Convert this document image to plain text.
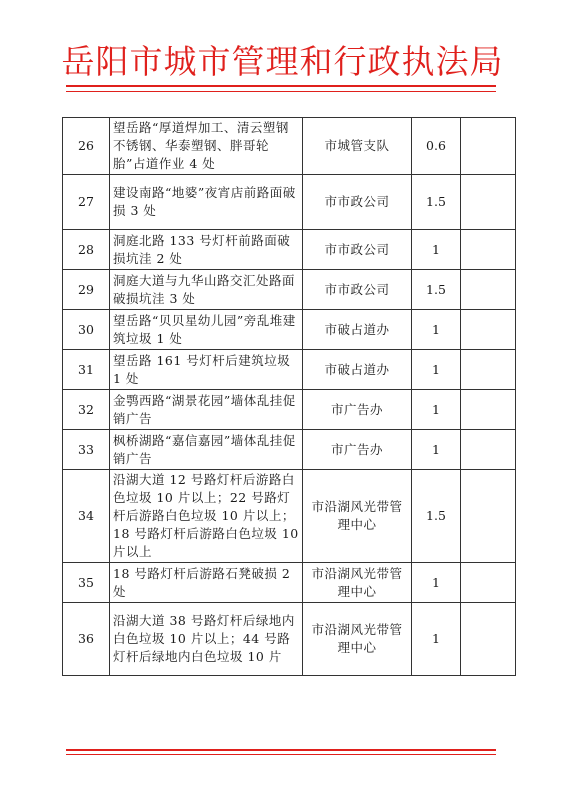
岳阳市城市管理和行政执法局
26	望岳路“厚道焊加工、清云塑钢不锈钢、华泰塑钢、胖哥轮胎”占道作业 4 处	市城管支队	0.6	
27	建设南路“地婆”夜宵店前路面破损 3 处	市市政公司	1.5	
28	洞庭北路 133 号灯杆前路面破损坑洼 2 处	市市政公司	1	
29	洞庭大道与九华山路交汇处路面破损坑洼 3 处	市市政公司	1.5	
30	望岳路“贝贝星幼儿园”旁乱堆建筑垃圾 1 处	市破占道办	1	
31	望岳路 161 号灯杆后建筑垃圾 1 处	市破占道办	1	
32	金鹗西路“湖景花园”墙体乱挂促销广告	市广告办	1	
33	枫桥湖路“嘉信嘉园”墙体乱挂促销广告	市广告办	1	
34	沿湖大道 12 号路灯杆后游路白色垃圾 10 片以上；22 号路灯杆后游路白色垃圾 10 片以上；18 号路灯杆后游路白色垃圾 10 片以上	市沿湖风光带管理中心	1.5	
35	18 号路灯杆后游路石凳破损 2 处	市沿湖风光带管理中心	1	
36	沿湖大道 38 号路灯杆后绿地内白色垃圾 10 片以上；44 号路灯杆后绿地内白色垃圾 10 片	市沿湖风光带管理中心	1	
